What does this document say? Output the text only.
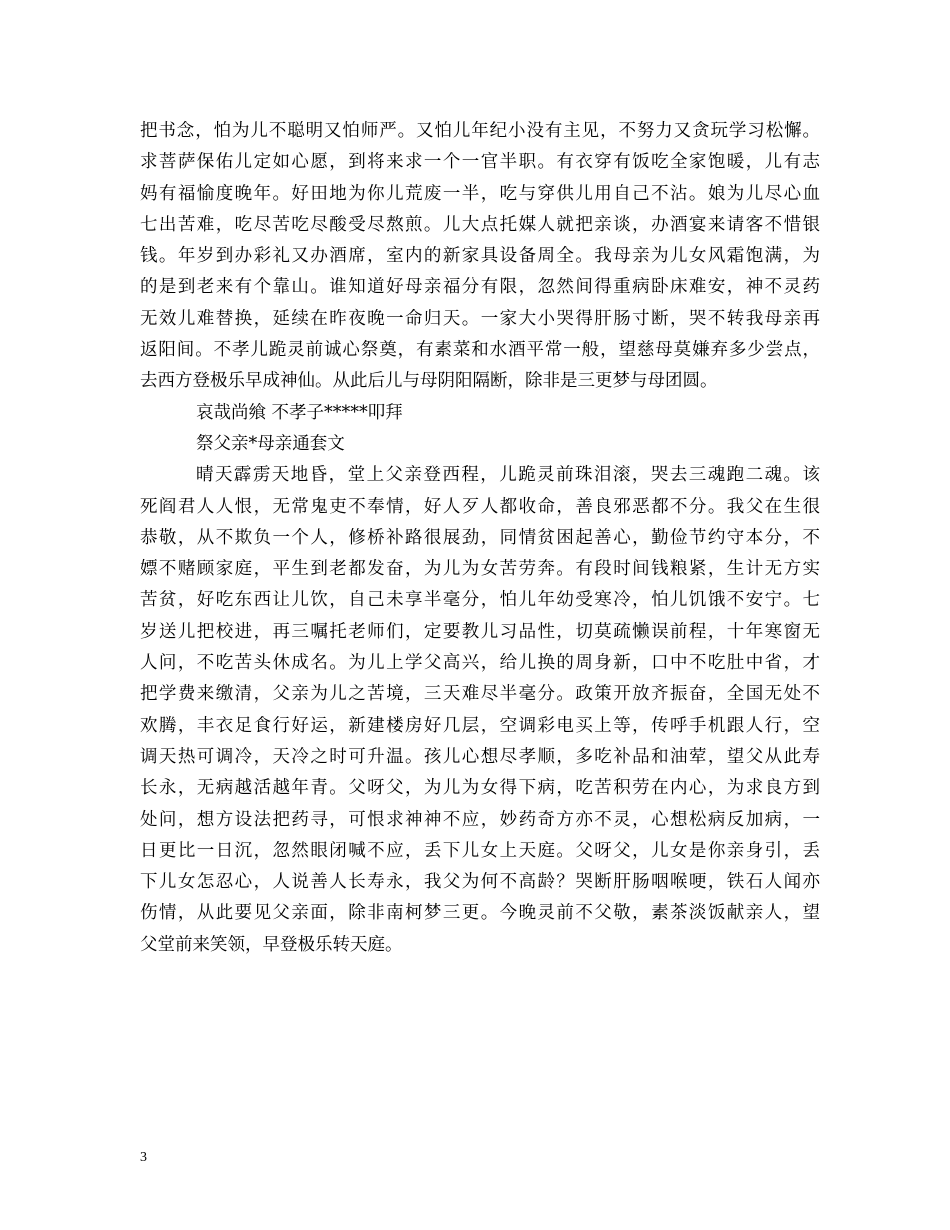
把书念，怕为儿不聪明又怕师严。又怕儿年纪小没有主见，不努力又贪玩学习松懈。
求菩萨保佑儿定如心愿，到将来求一个一官半职。有衣穿有饭吃全家饱暖，儿有志
妈有福愉度晚年。好田地为你儿荒废一半，吃与穿供儿用自己不沾。娘为儿尽心血
七出苦难，吃尽苦吃尽酸受尽熬煎。儿大点托媒人就把亲谈，办酒宴来请客不惜银
钱。年岁到办彩礼又办酒席，室内的新家具设备周全。我母亲为儿女风霜饱满，为
的是到老来有个靠山。谁知道好母亲福分有限，忽然间得重病卧床难安，神不灵药
无效儿难替换，延续在昨夜晚一命归天。一家大小哭得肝肠寸断，哭不转我母亲再
返阳间。不孝儿跪灵前诚心祭奠，有素菜和水酒平常一般，望慈母莫嫌弃多少尝点，
去西方登极乐早成神仙。从此后儿与母阴阳隔断，除非是三更梦与母团圆。
哀哉尚飨 不孝子*****叩拜
祭父亲*母亲通套文
晴天霹雳天地昏，堂上父亲登西程，儿跪灵前珠泪滚，哭去三魂跑二魂。该
死阎君人人恨，无常鬼吏不奉情，好人歹人都收命，善良邪恶都不分。我父在生很
恭敬，从不欺负一个人，修桥补路很展劲，同情贫困起善心，勤俭节约守本分，不
嫖不赌顾家庭，平生到老都发奋，为儿为女苦劳奔。有段时间钱粮紧，生计无方实
苦贫，好吃东西让儿饮，自己未享半毫分，怕儿年幼受寒冷，怕儿饥饿不安宁。七
岁送儿把校进，再三嘱托老师们，定要教儿习品性，切莫疏懒误前程，十年寒窗无
人问，不吃苦头休成名。为儿上学父高兴，给儿换的周身新，口中不吃肚中省，才
把学费来缴清，父亲为儿之苦境，三天难尽半毫分。政策开放齐振奋，全国无处不
欢腾，丰衣足食行好运，新建楼房好几层，空调彩电买上等，传呼手机跟人行，空
调天热可调冷，天冷之时可升温。孩儿心想尽孝顺，多吃补品和油荤，望父从此寿
长永，无病越活越年青。父呀父，为儿为女得下病，吃苦积劳在内心，为求良方到
处问，想方设法把药寻，可恨求神神不应，妙药奇方亦不灵，心想松病反加病，一
日更比一日沉，忽然眼闭喊不应，丢下儿女上天庭。父呀父，儿女是你亲身引，丢
下儿女怎忍心，人说善人长寿永，我父为何不高龄？哭断肝肠咽喉哽，铁石人闻亦
伤情，从此要见父亲面，除非南柯梦三更。今晚灵前不父敬，素茶淡饭献亲人，望
父堂前来笑领，早登极乐转天庭。
3
